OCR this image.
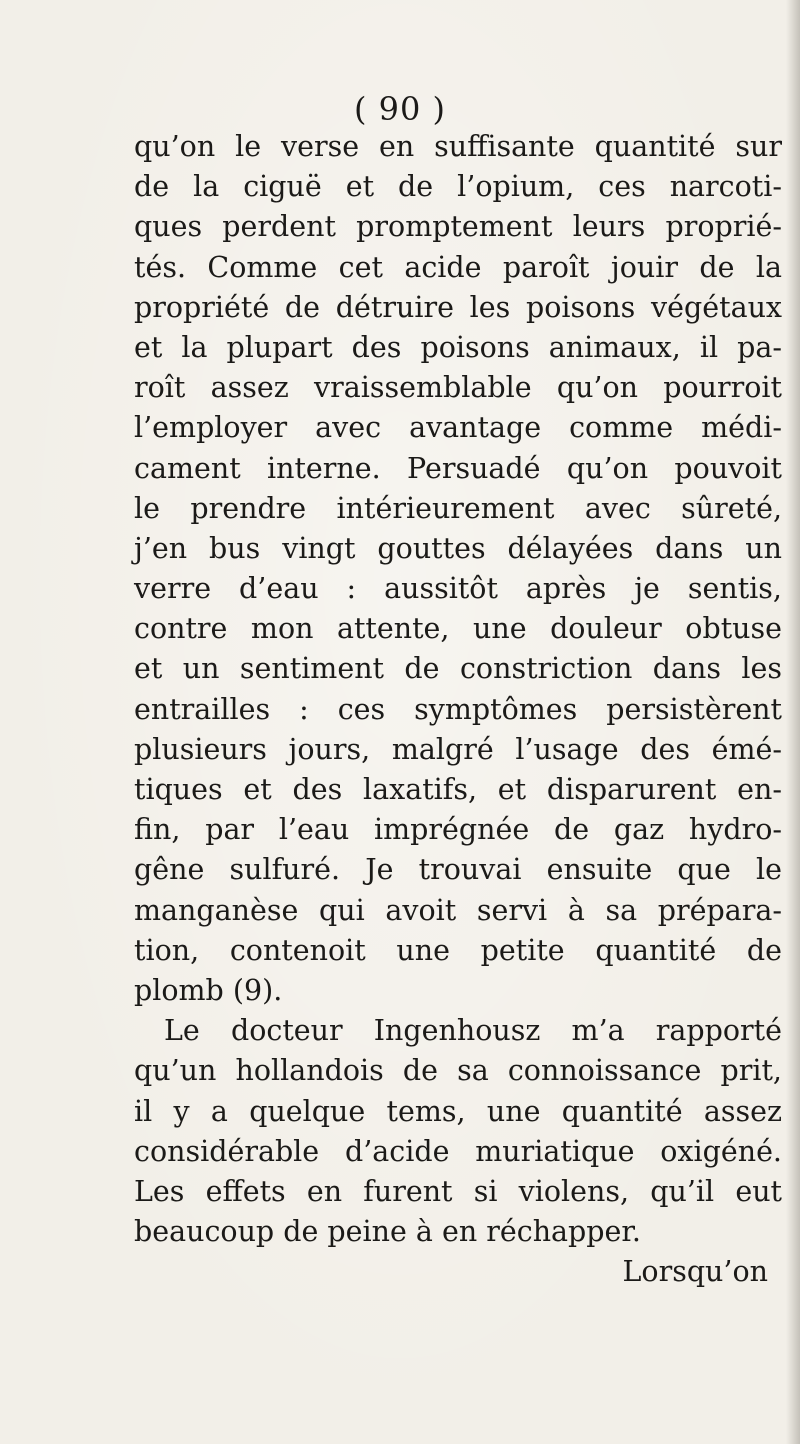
( 90 )
qu’on le verse en suffisante quantité sur
de la ciguë et de l’opium, ces narcoti-
ques perdent promptement leurs proprié-
tés. Comme cet acide paroît jouir de la
propriété de détruire les poisons végétaux
et la plupart des poisons animaux, il pa-
roît assez vraissemblable qu’on pourroit
l’employer avec avantage comme médi-
cament interne. Persuadé qu’on pouvoit
le prendre intérieurement avec sûreté,
j’en bus vingt gouttes délayées dans un
verre d’eau : aussitôt après je sentis,
contre mon attente, une douleur obtuse
et un sentiment de constriction dans les
entrailles : ces symptômes persistèrent
plusieurs jours, malgré l’usage des émé-
tiques et des laxatifs, et disparurent en-
fin, par l’eau imprégnée de gaz hydro-
gêne sulfuré. Je trouvai ensuite que le
manganèse qui avoit servi à sa prépara-
tion, contenoit une petite quantité de
plomb (9).
Le docteur Ingenhousz m’a rapporté
qu’un hollandois de sa connoissance prit,
il y a quelque tems, une quantité assez
considérable d’acide muriatique oxigéné.
Les effets en furent si violens, qu’il eut
beaucoup de peine à en réchapper.
Lorsqu’on
